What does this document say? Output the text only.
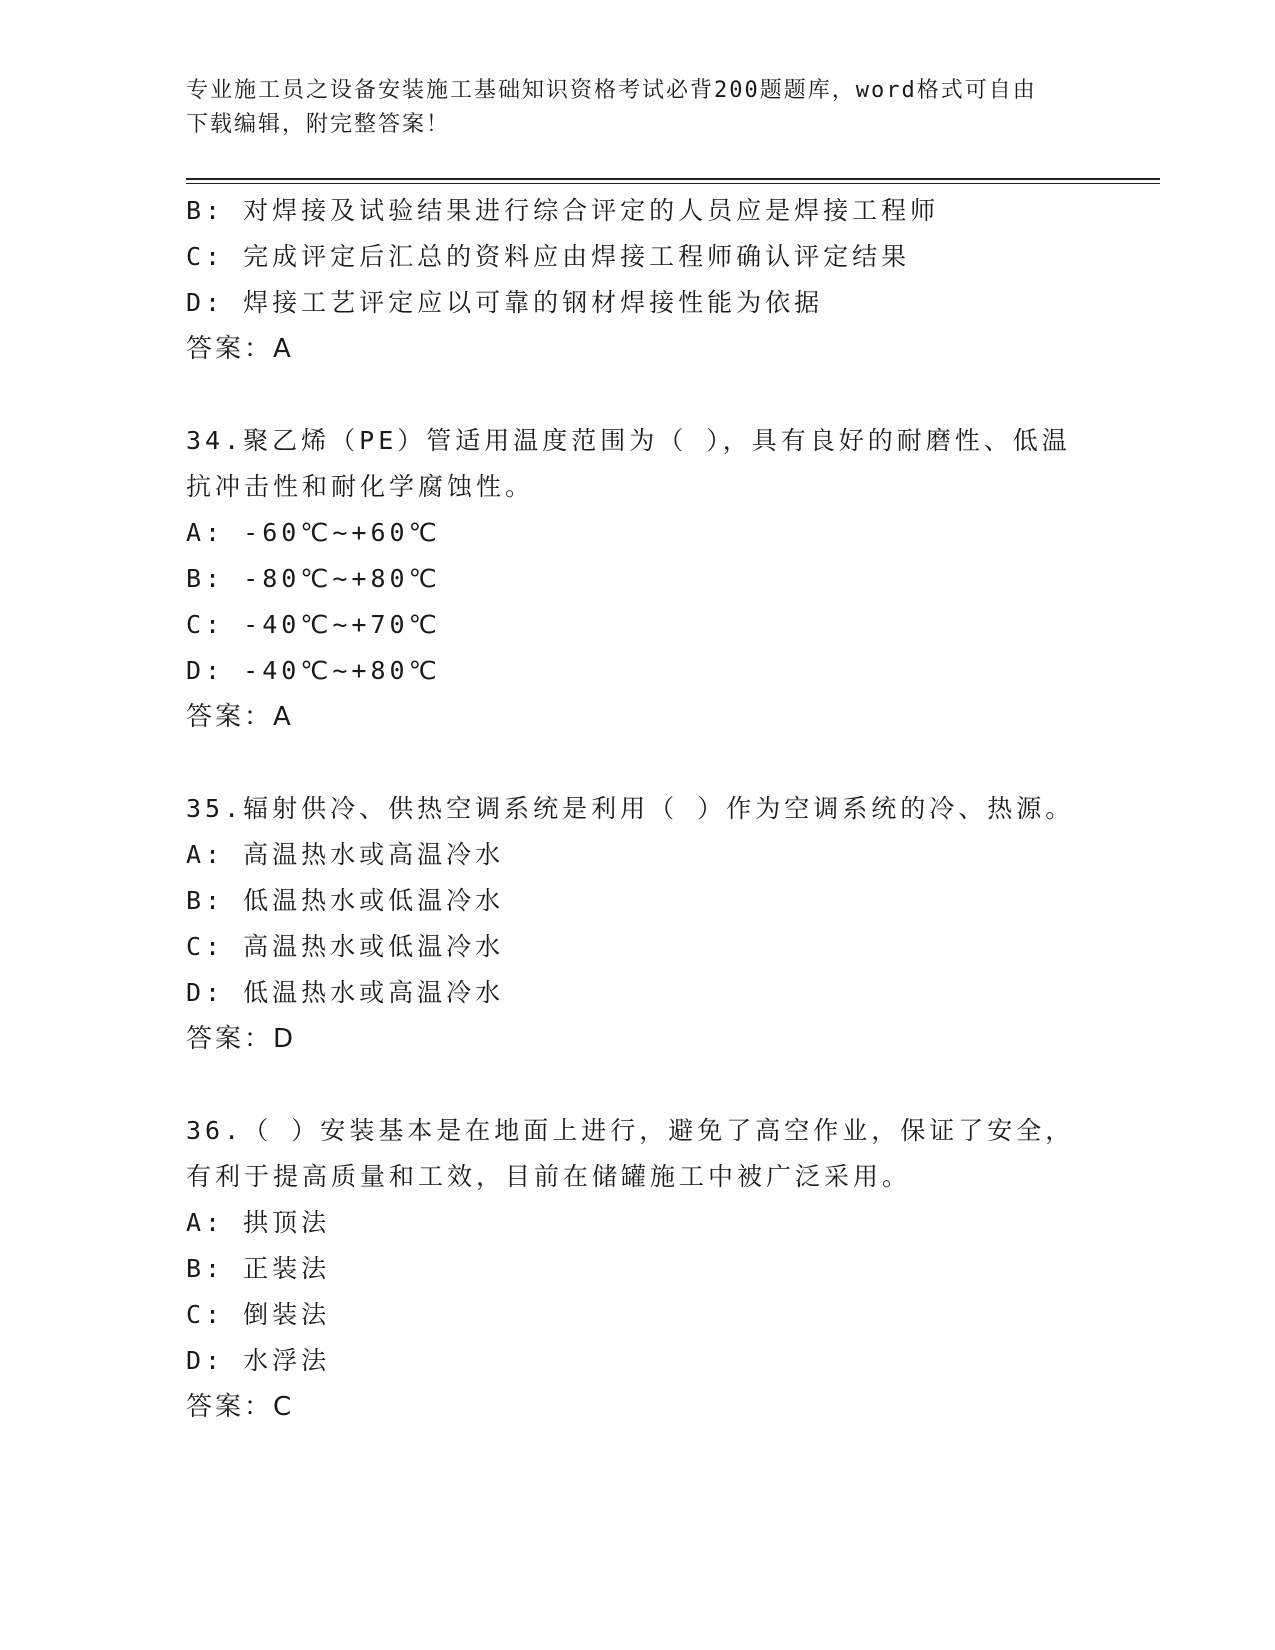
专业施工员之设备安装施工基础知识资格考试必背200题题库，word格式可自由
下载编辑，附完整答案！
B: 对焊接及试验结果进行综合评定的人员应是焊接工程师
C: 完成评定后汇总的资料应由焊接工程师确认评定结果
D: 焊接工艺评定应以可靠的钢材焊接性能为依据
答案：A
34.聚乙烯（PE）管适用温度范围为（ ），具有良好的耐磨性、低温
抗冲击性和耐化学腐蚀性。
A: -60℃~+60℃
B: -80℃~+80℃
C: -40℃~+70℃
D: -40℃~+80℃
答案：A
35.辐射供冷、供热空调系统是利用（ ）作为空调系统的冷、热源。
A: 高温热水或高温冷水
B: 低温热水或低温冷水
C: 高温热水或低温冷水
D: 低温热水或高温冷水
答案：D
36.（ ）安装基本是在地面上进行，避免了高空作业，保证了安全，
有利于提高质量和工效，目前在储罐施工中被广泛采用。
A: 拱顶法
B: 正装法
C: 倒装法
D: 水浮法
答案：C
